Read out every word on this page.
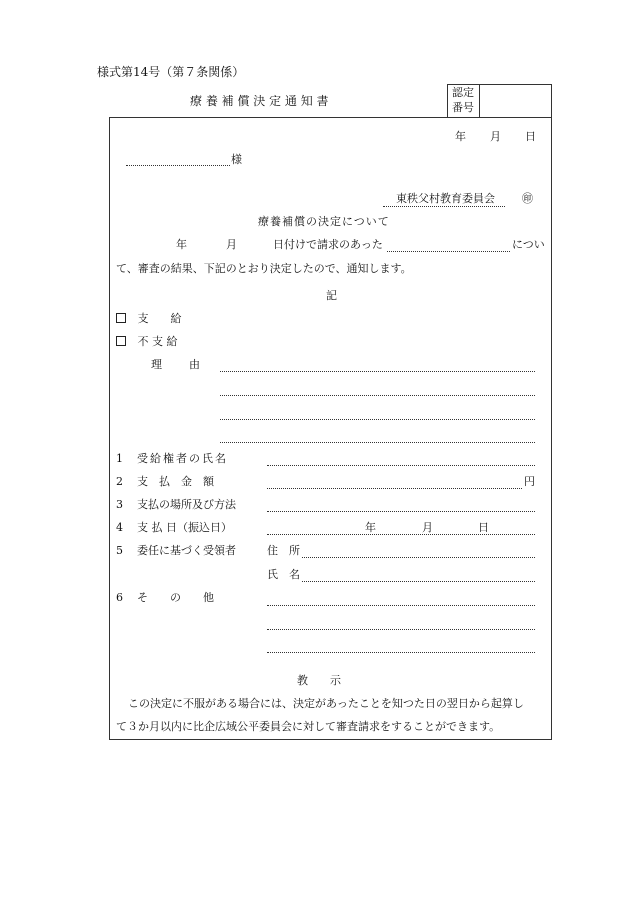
様式第14号（第７条関係）
療 養 補 償 決 定 通 知 書
認定
番号
年 月 日
様
東秩父村教育委員会 ㊞
療養補償の決定について
年	月	日付けで請求のあった	につい
て、審査の結果、下記のとおり決定したので、通知します。
記
支　　給
不 支 給
理　由
1 受給権者の氏名
2 支　払　金　額	円
3 支払の場所及び方法
4 支 払 日（振込日）	年	月	日
5 委任に基づく受領者	住　所
氏　名
6 そ　　の　　他
教　　示
この決定に不服がある場合には、決定があったことを知つた日の翌日から起算し
て３か月以内に比企広域公平委員会に対して審査請求をすることができます。
